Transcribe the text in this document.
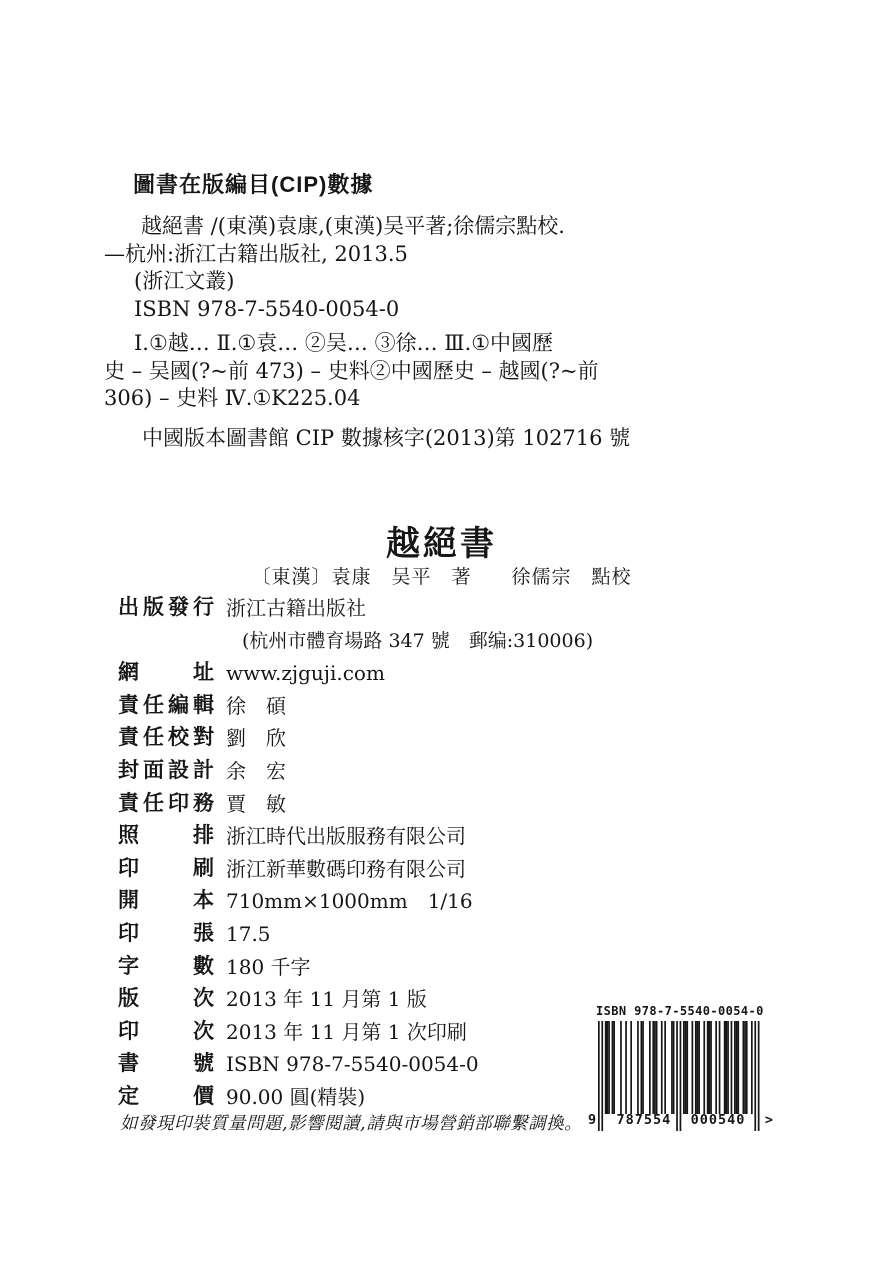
圖書在版編目(CIP)數據
越絕書 /(東漢)袁康,(東漢)吴平著;徐儒宗點校.
—杭州:浙江古籍出版社, 2013.5
(浙江文叢)
ISBN 978-7-5540-0054-0
Ⅰ.①越… Ⅱ.①袁… ②吴… ③徐… Ⅲ.①中國歷
史 – 吴國(?~前 473) – 史料②中國歷史 – 越國(?~前
306) – 史料 Ⅳ.①K225.04
中國版本圖書館 CIP 數據核字(2013)第 102716 號
越絕書
〔東漢〕袁康　吴平　著　　徐儒宗　點校
出版發行 浙江古籍出版社
(杭州市體育場路 347 號　郵编:310006)
網址 www.zjguji.com
責任編輯 徐　碩
責任校對 劉　欣
封面設計 余　宏
責任印務 賈　敏
照排 浙江時代出版服務有限公司
印刷 浙江新華數碼印務有限公司
開本 710mm×1000mm　1/16
印張 17.5
字數 180 千字
版次 2013 年 11 月第 1 版
印次 2013 年 11 月第 1 次印刷
書號 ISBN 978-7-5540-0054-0
定價 90.00 圓(精裝)
如發現印裝質量問題,影響閱讀,請與市場營銷部聯繫調換。
ISBN 978-7-5540-0054-0
9 787554 000540 >
